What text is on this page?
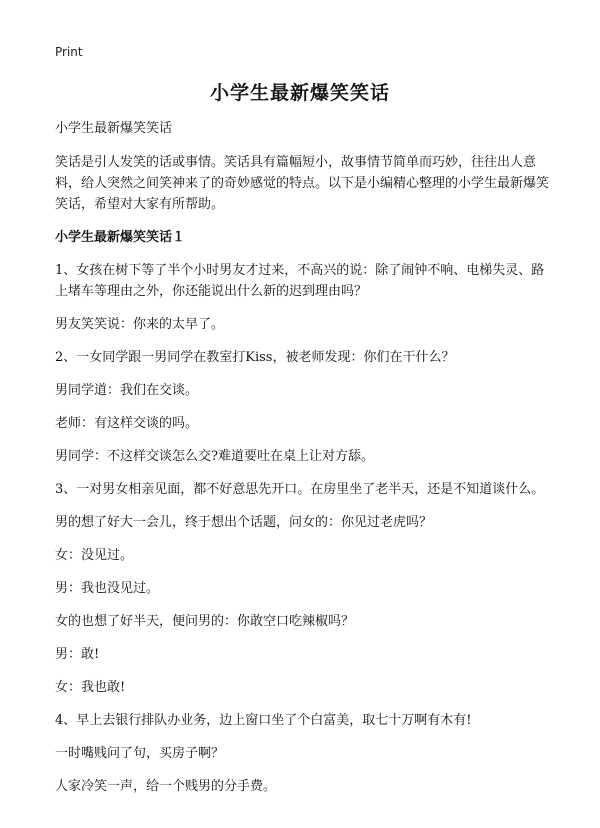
Print
小学生最新爆笑笑话

小学生最新爆笑笑话

笑话是引人发笑的话或事情。笑话具有篇幅短小，故事情节简单而巧妙，往往出人意料，给人突然之间笑神来了的奇妙感觉的特点。以下是小编精心整理的小学生最新爆笑笑话，希望对大家有所帮助。

小学生最新爆笑笑话１

1、女孩在树下等了半个小时男友才过来，不高兴的说：除了闹钟不响、电梯失灵、路上堵车等理由之外，你还能说出什么新的迟到理由吗？

男友笑笑说：你来的太早了。

2、一女同学跟一男同学在教室打Kiss，被老师发现：你们在干什么？

男同学道：我们在交谈。

老师：有这样交谈的吗。

男同学：不这样交谈怎么交?难道要吐在桌上让对方舔。

3、一对男女相亲见面，都不好意思先开口。在房里坐了老半天，还是不知道谈什么。

男的想了好大一会儿，终于想出个话题，问女的：你见过老虎吗？

女：没见过。

男：我也没见过。

女的也想了好半天，便问男的：你敢空口吃辣椒吗？

男：敢!

女：我也敢!

4、早上去银行排队办业务，边上窗口坐了个白富美，取七十万啊有木有!

一时嘴贱问了句，买房子啊？

人家冷笑一声，给一个贱男的分手费。
